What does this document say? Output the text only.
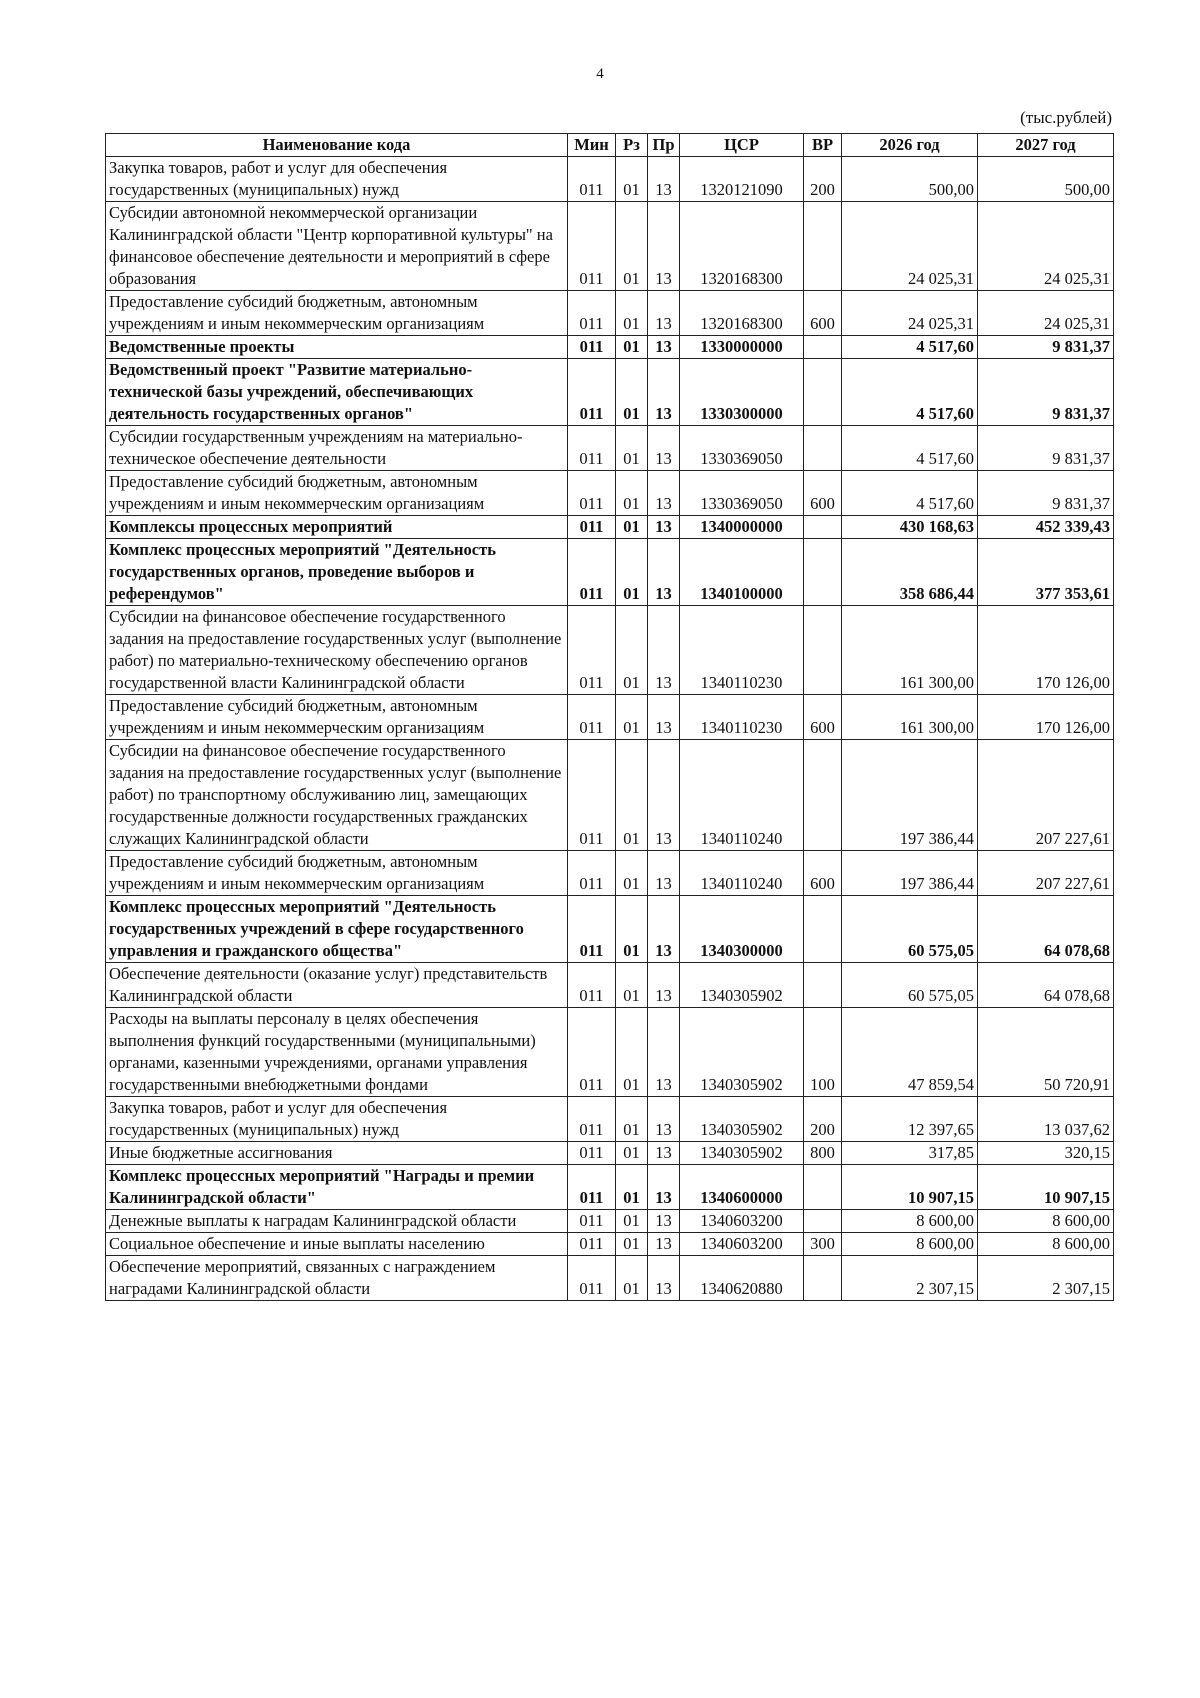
4
(тыс.рублей)
Наименование кода	Мин	Рз	Пр	ЦСР	ВР	2026 год	2027 год
Закупка товаров, работ и услуг для обеспечения государственных (муниципальных) нужд	011	01	13	1320121090	200	500,00	500,00
Субсидии автономной некоммерческой организации Калининградской области "Центр корпоративной культуры" на финансовое обеспечение деятельности и мероприятий в сфере образования	011	01	13	1320168300		24 025,31	24 025,31
Предоставление субсидий бюджетным, автономным учреждениям и иным некоммерческим организациям	011	01	13	1320168300	600	24 025,31	24 025,31
Ведомственные проекты	011	01	13	1330000000		4 517,60	9 831,37
Ведомственный проект "Развитие материально-технической базы учреждений, обеспечивающих деятельность государственных органов"	011	01	13	1330300000		4 517,60	9 831,37
Субсидии государственным учреждениям на материально-техническое обеспечение деятельности	011	01	13	1330369050		4 517,60	9 831,37
Предоставление субсидий бюджетным, автономным учреждениям и иным некоммерческим организациям	011	01	13	1330369050	600	4 517,60	9 831,37
Комплексы процессных мероприятий	011	01	13	1340000000		430 168,63	452 339,43
Комплекс процессных мероприятий "Деятельность государственных органов, проведение выборов и референдумов"	011	01	13	1340100000		358 686,44	377 353,61
Субсидии на финансовое обеспечение государственного задания на предоставление государственных услуг (выполнение работ) по материально-техническому обеспечению органов государственной власти Калининградской области	011	01	13	1340110230		161 300,00	170 126,00
Предоставление субсидий бюджетным, автономным учреждениям и иным некоммерческим организациям	011	01	13	1340110230	600	161 300,00	170 126,00
Субсидии на финансовое обеспечение государственного задания на предоставление государственных услуг (выполнение работ) по транспортному обслуживанию лиц, замещающих государственные должности государственных гражданских служащих Калининградской области	011	01	13	1340110240		197 386,44	207 227,61
Предоставление субсидий бюджетным, автономным учреждениям и иным некоммерческим организациям	011	01	13	1340110240	600	197 386,44	207 227,61
Комплекс процессных мероприятий "Деятельность государственных учреждений в сфере государственного управления и гражданского общества"	011	01	13	1340300000		60 575,05	64 078,68
Обеспечение деятельности (оказание услуг) представительств Калининградской области	011	01	13	1340305902		60 575,05	64 078,68
Расходы на выплаты персоналу в целях обеспечения выполнения функций государственными (муниципальными) органами, казенными учреждениями, органами управления государственными внебюджетными фондами	011	01	13	1340305902	100	47 859,54	50 720,91
Закупка товаров, работ и услуг для обеспечения государственных (муниципальных) нужд	011	01	13	1340305902	200	12 397,65	13 037,62
Иные бюджетные ассигнования	011	01	13	1340305902	800	317,85	320,15
Комплекс процессных мероприятий "Награды и премии Калининградской области"	011	01	13	1340600000		10 907,15	10 907,15
Денежные выплаты к наградам Калининградской области	011	01	13	1340603200		8 600,00	8 600,00
Социальное обеспечение и иные выплаты населению	011	01	13	1340603200	300	8 600,00	8 600,00
Обеспечение мероприятий, связанных с награждением наградами Калининградской области	011	01	13	1340620880		2 307,15	2 307,15
